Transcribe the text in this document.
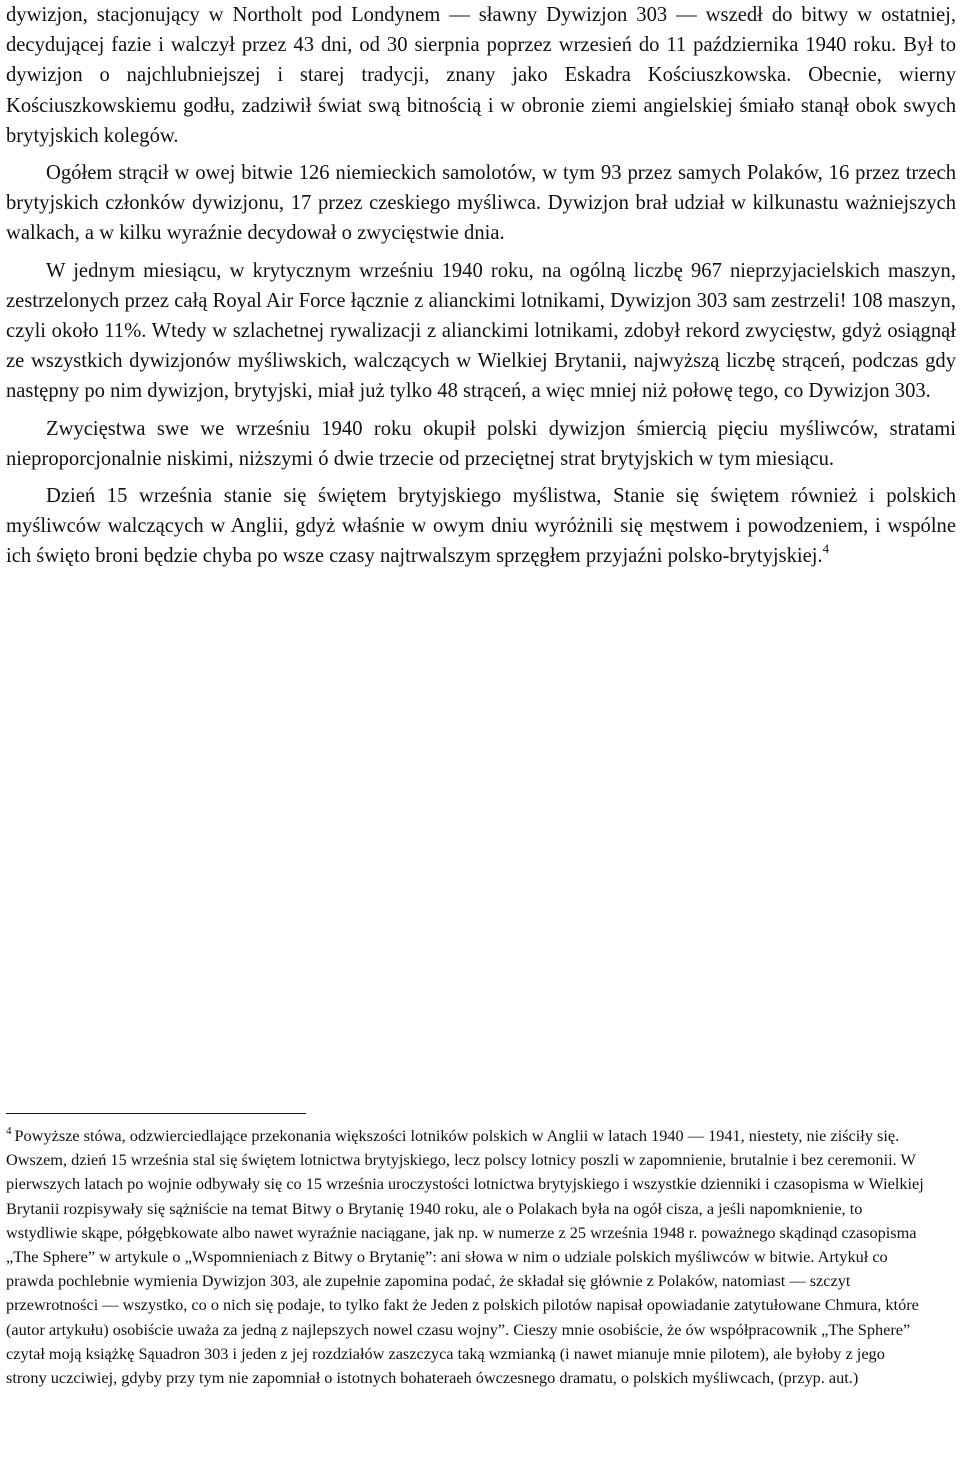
dywizjon, stacjonujący w Northolt pod Londynem — sławny Dywizjon 303 — wszedł do bitwy w ostatniej, decydującej fazie i walczył przez 43 dni, od 30 sierpnia poprzez wrzesień do 11 października 1940 roku. Był to dywizjon o najchlubniejszej i starej tradycji, znany jako Eskadra Kościuszkowska. Obecnie, wierny Kościuszkowskiemu godłu, zadziwił świat swą bitnością i w obronie ziemi angielskiej śmiało stanął obok swych brytyjskich kolegów.

Ogółem strącił w owej bitwie 126 niemieckich samolotów, w tym 93 przez samych Polaków, 16 przez trzech brytyjskich członków dywizjonu, 17 przez czeskiego myśliwca. Dywizjon brał udział w kilkunastu ważniejszych walkach, a w kilku wyraźnie decydował o zwycięstwie dnia.

W jednym miesiącu, w krytycznym wrześniu 1940 roku, na ogólną liczbę 967 nieprzyjacielskich maszyn, zestrzelonych przez całą Royal Air Force łącznie z alianckimi lotnikami, Dywizjon 303 sam zestrzeli! 108 maszyn, czyli około 11%. Wtedy w szlachetnej rywalizacji z alianckimi lotnikami, zdobył rekord zwycięstw, gdyż osiągnął ze wszystkich dywizjonów myśliwskich, walczących w Wielkiej Brytanii, najwyższą liczbę strąceń, podczas gdy następny po nim dywizjon, brytyjski, miał już tylko 48 strąceń, a więc mniej niż połowę tego, co Dywizjon 303.

Zwycięstwa swe we wrześniu 1940 roku okupił polski dywizjon śmiercią pięciu myśliwców, stratami nieproporcjonalnie niskimi, niższymi ó dwie trzecie od przeciętnej strat brytyjskich w tym miesiącu.

Dzień 15 września stanie się świętem brytyjskiego myślistwa, Stanie się świętem również i polskich myśliwców walczących w Anglii, gdyż właśnie w owym dniu wyróżnili się męstwem i powodzeniem, i wspólne ich święto broni będzie chyba po wsze czasy najtrwalszym sprzęgłem przyjaźni polsko-brytyjskiej.$^4$

$^4$ Powyższe stówa, odzwierciedlające przekonania większości lotników polskich w Anglii w latach 1940 — 1941, niestety, nie ziściły się. Owszem, dzień 15 września stal się świętem lotnictwa brytyjskiego, lecz polscy lotnicy poszli w zapomnienie, brutalnie i bez ceremonii. W pierwszych latach po wojnie odbywały się co 15 września uroczystości lotnictwa brytyjskiego i wszystkie dzienniki i czasopisma w Wielkiej Brytanii rozpisywały się sążniście na temat Bitwy o Brytanię 1940 roku, ale o Polakach była na ogół cisza, a jeśli napomknienie, to wstydliwie skąpe, półgębkowate albo nawet wyraźnie naciągane, jak np. w numerze z 25 września 1948 r. poważnego skądinąd czasopisma „The Sphere” w artykule o „Wspomnieniach z Bitwy o Brytanię”: ani słowa w nim o udziale polskich myśliwców w bitwie. Artykuł co prawda pochlebnie wymienia Dywizjon 303, ale zupełnie zapomina podać, że składał się głównie z Polaków, natomiast — szczyt przewrotności — wszystko, co o nich się podaje, to tylko fakt że Jeden z polskich pilotów napisał opowiadanie zatytułowane Chmura, które (autor artykułu) osobiście uważa za jedną z najlepszych nowel czasu wojny”. Cieszy mnie osobiście, że ów współpracownik „The Sphere” czytał moją książkę Sąuadron 303 i jeden z jej rozdziałów zaszczyca taką wzmianką (i nawet mianuje mnie pilotem), ale byłoby z jego strony uczciwiej, gdyby przy tym nie zapomniał o istotnych bohateraeh ówczesnego dramatu, o polskich myśliwcach, (przyp. aut.)
